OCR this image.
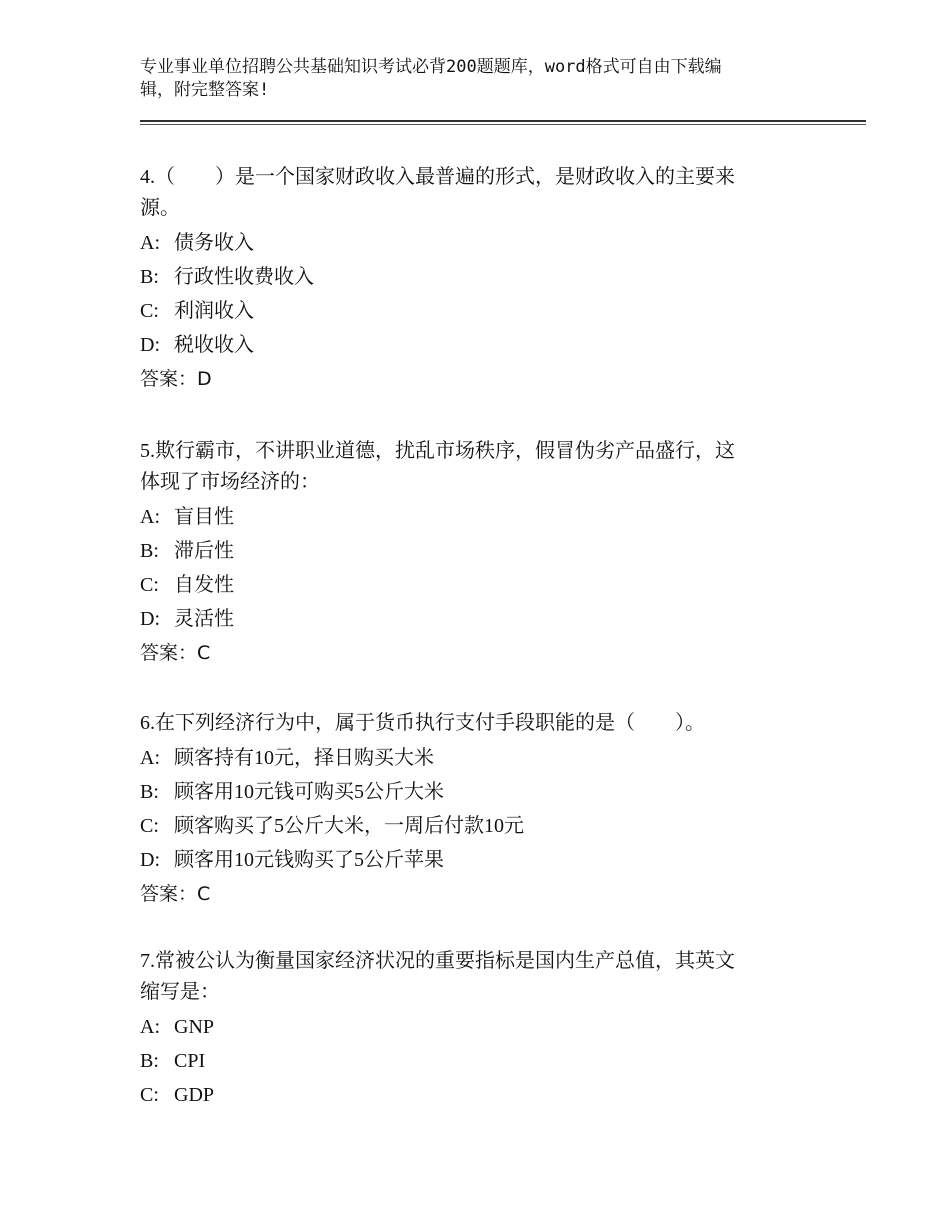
专业事业单位招聘公共基础知识考试必背200题题库，word格式可自由下载编
辑，附完整答案!

4.（　　）是一个国家财政收入最普遍的形式，是财政收入的主要来

源。

A: 债务收入

B: 行政性收费收入

C: 利润收入

D: 税收收入

答案：D

5.欺行霸市，不讲职业道德，扰乱市场秩序，假冒伪劣产品盛行，这

体现了市场经济的：

A: 盲目性

B: 滞后性

C: 自发性

D: 灵活性

答案：C

6.在下列经济行为中，属于货币执行支付手段职能的是（　　）。

A: 顾客持有10元，择日购买大米

B: 顾客用10元钱可购买5公斤大米

C: 顾客购买了5公斤大米，一周后付款10元

D: 顾客用10元钱购买了5公斤苹果

答案：C

7.常被公认为衡量国家经济状况的重要指标是国内生产总值，其英文

缩写是：

A: GNP

B: CPI

C: GDP
